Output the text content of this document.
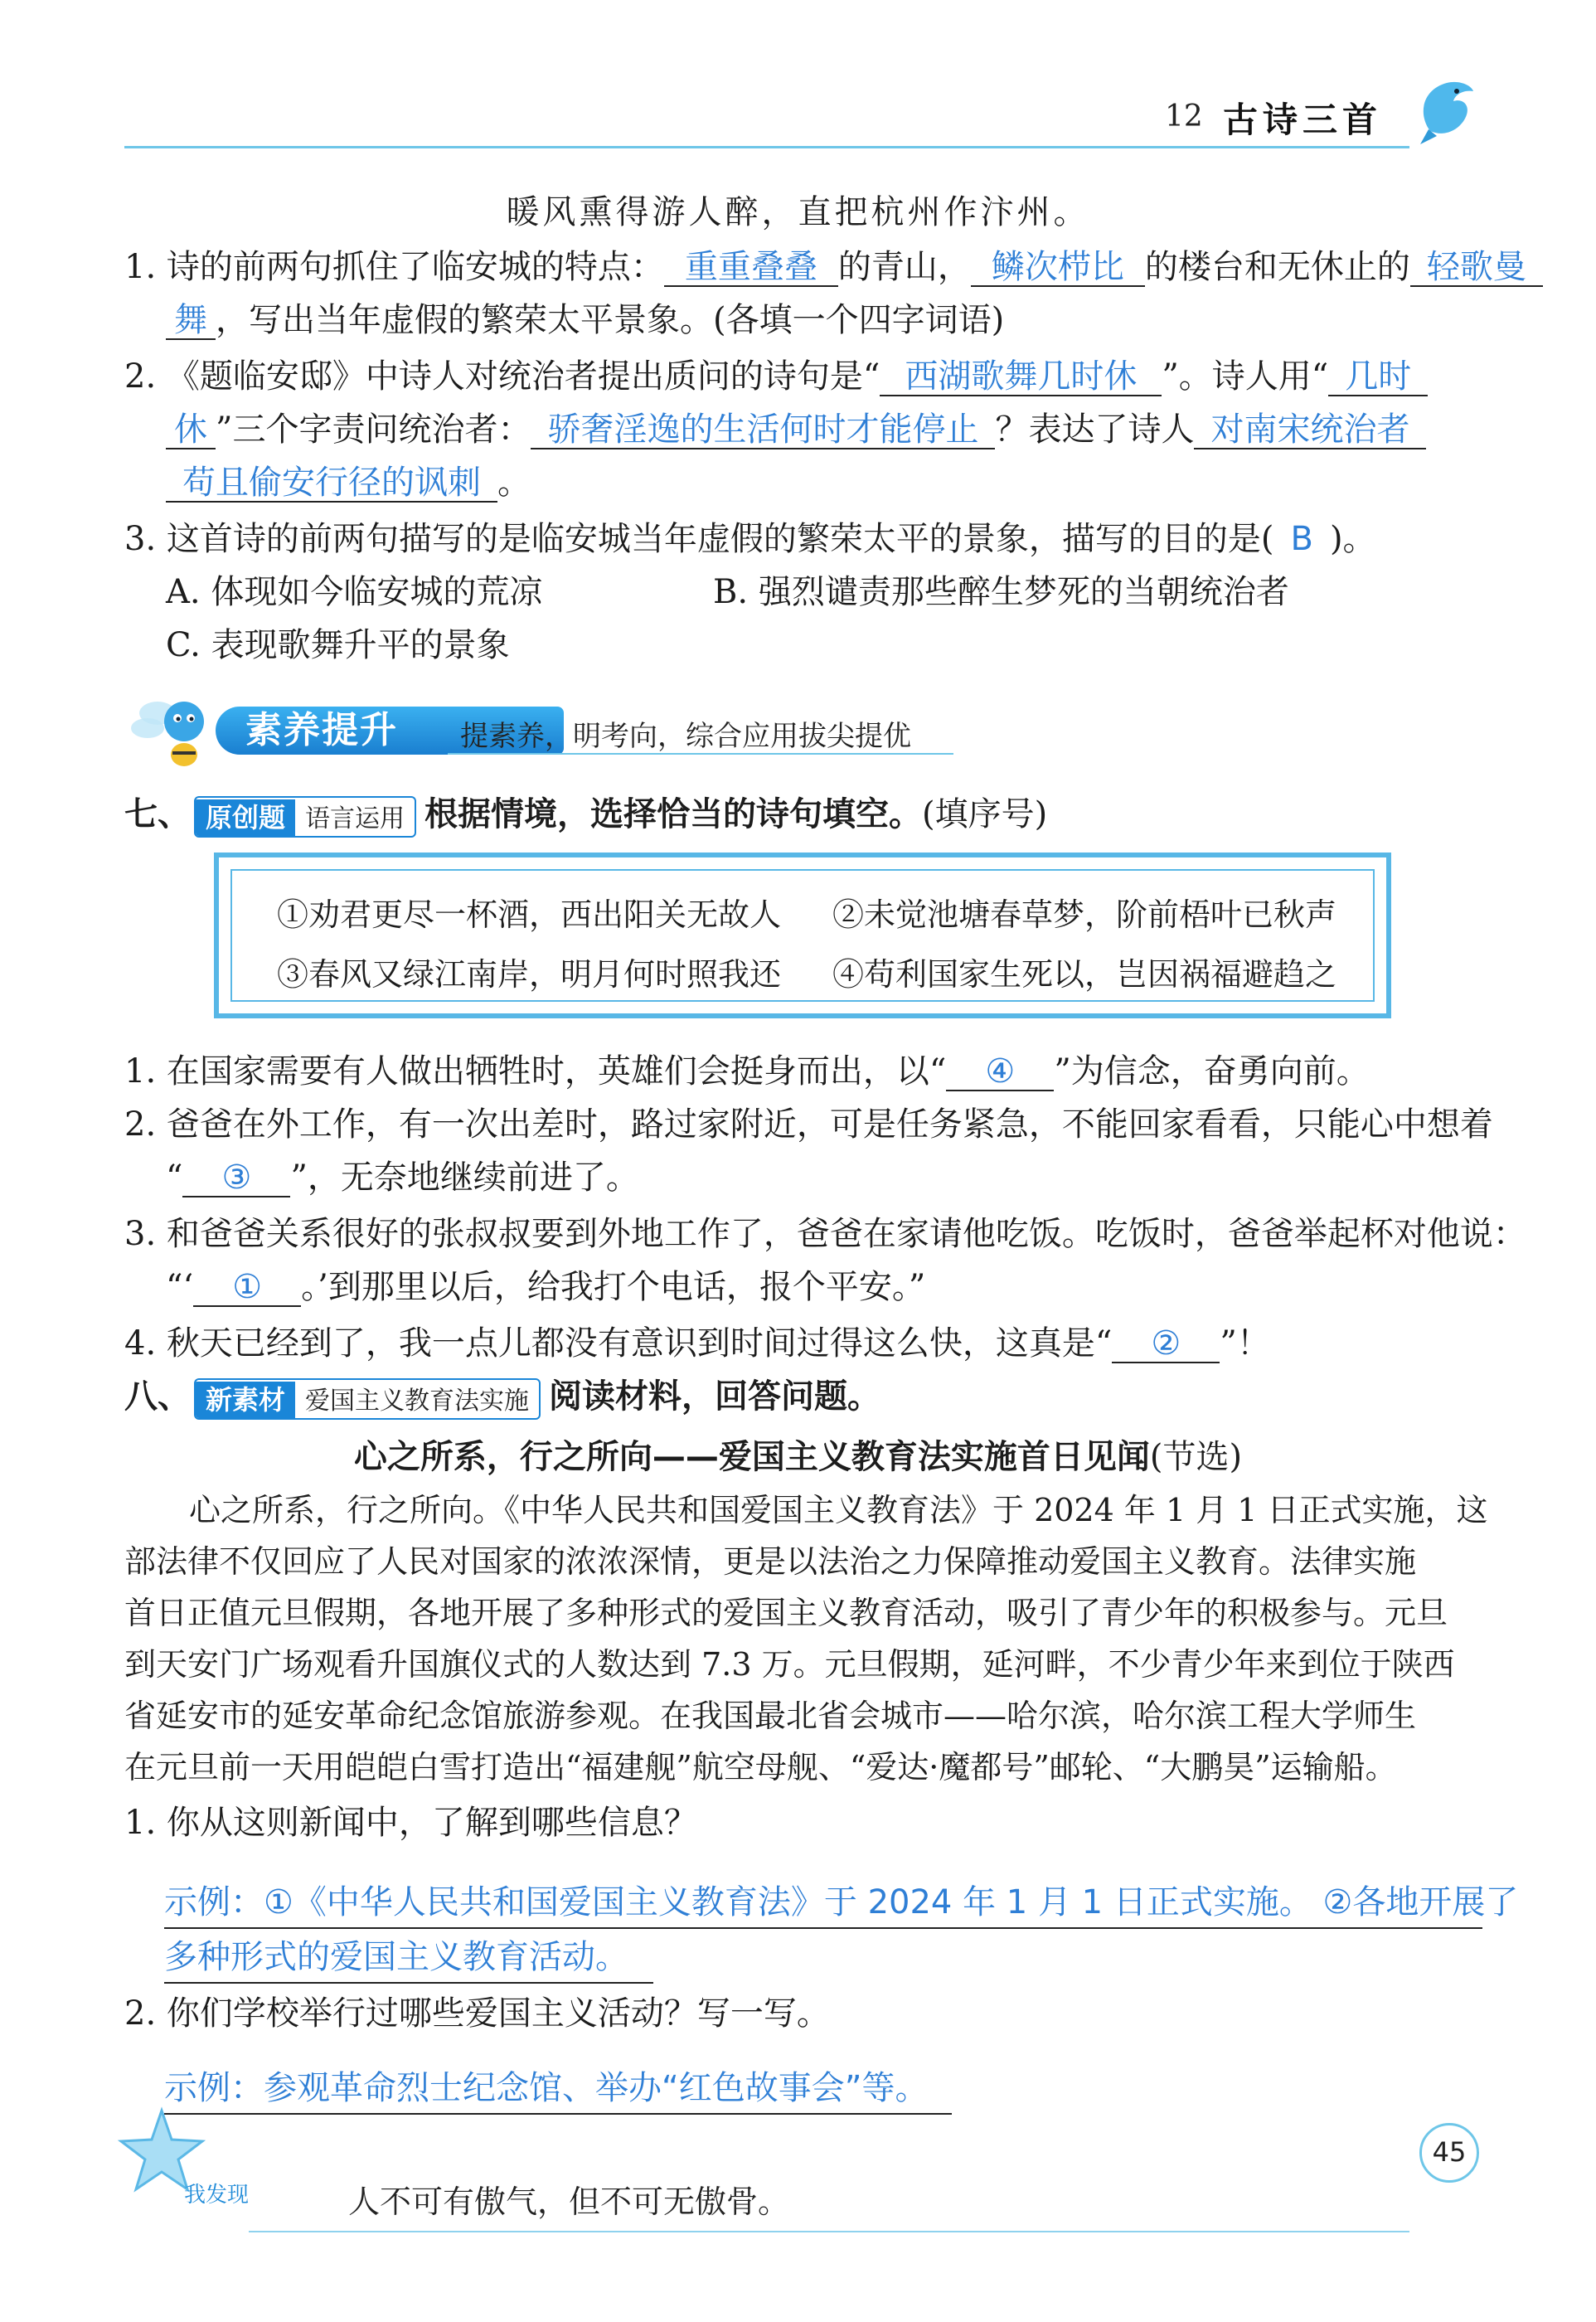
12 古诗三首
暖风熏得游人醉，直把杭州作汴州。
1. 诗的前两句抓住了临安城的特点： 重重叠叠 的青山， 鳞次栉比 的楼台和无休止的 轻歌曼
舞 ，写出当年虚假的繁荣太平景象。(各填一个四字词语)
2. 《题临安邸》中诗人对统治者提出质问的诗句是“ 西湖歌舞几时休 ”。诗人用“ 几时
休 ”三个字责问统治者： 骄奢淫逸的生活何时才能停止 ？表达了诗人 对南宋统治者
苟且偷安行径的讽刺 。
3. 这首诗的前两句描写的是临安城当年虚假的繁荣太平的景象，描写的目的是( B )。
A. 体现如今临安城的荒凉	B. 强烈谴责那些醉生梦死的当朝统治者
C. 表现歌舞升平的景象
素养提升	提素养，明考向，综合应用拔尖提优
七、 原创题 语言运用 根据情境，选择恰当的诗句填空。(填序号)
①劝君更尽一杯酒，西出阳关无故人 ②未觉池塘春草梦，阶前梧叶已秋声
③春风又绿江南岸，明月何时照我还 ④苟利国家生死以，岂因祸福避趋之
1. 在国家需要有人做出牺牲时，英雄们会挺身而出，以“ ④ ”为信念，奋勇向前。
2. 爸爸在外工作，有一次出差时，路过家附近，可是任务紧急，不能回家看看，只能心中想着
“ ③ ”，无奈地继续前进了。
3. 和爸爸关系很好的张叔叔要到外地工作了，爸爸在家请他吃饭。吃饭时，爸爸举起杯对他说：
“‘ ① 。’到那里以后，给我打个电话，报个平安。”
4. 秋天已经到了，我一点儿都没有意识到时间过得这么快，这真是“ ② ”！
八、 新素材 爱国主义教育法实施 阅读材料，回答问题。
心之所系，行之所向——爱国主义教育法实施首日见闻(节选)
心之所系，行之所向。《中华人民共和国爱国主义教育法》于 2024 年 1 月 1 日正式实施，这
部法律不仅回应了人民对国家的浓浓深情，更是以法治之力保障推动爱国主义教育。法律实施
首日正值元旦假期，各地开展了多种形式的爱国主义教育活动，吸引了青少年的积极参与。元旦
到天安门广场观看升国旗仪式的人数达到 7.3 万。元旦假期，延河畔，不少青少年来到位于陕西
省延安市的延安革命纪念馆旅游参观。在我国最北省会城市——哈尔滨，哈尔滨工程大学师生
在元旦前一天用皑皑白雪打造出“福建舰”航空母舰、“爱达·魔都号”邮轮、“大鹏昊”运输船。
1. 你从这则新闻中，了解到哪些信息？
示例：①《中华人民共和国爱国主义教育法》于 2024 年 1 月 1 日正式实施。 ②各地开展了
多种形式的爱国主义教育活动。
2. 你们学校举行过哪些爱国主义活动？写一写。
示例：参观革命烈士纪念馆、举办“红色故事会”等。
我发现	人不可有傲气，但不可无傲骨。
45
